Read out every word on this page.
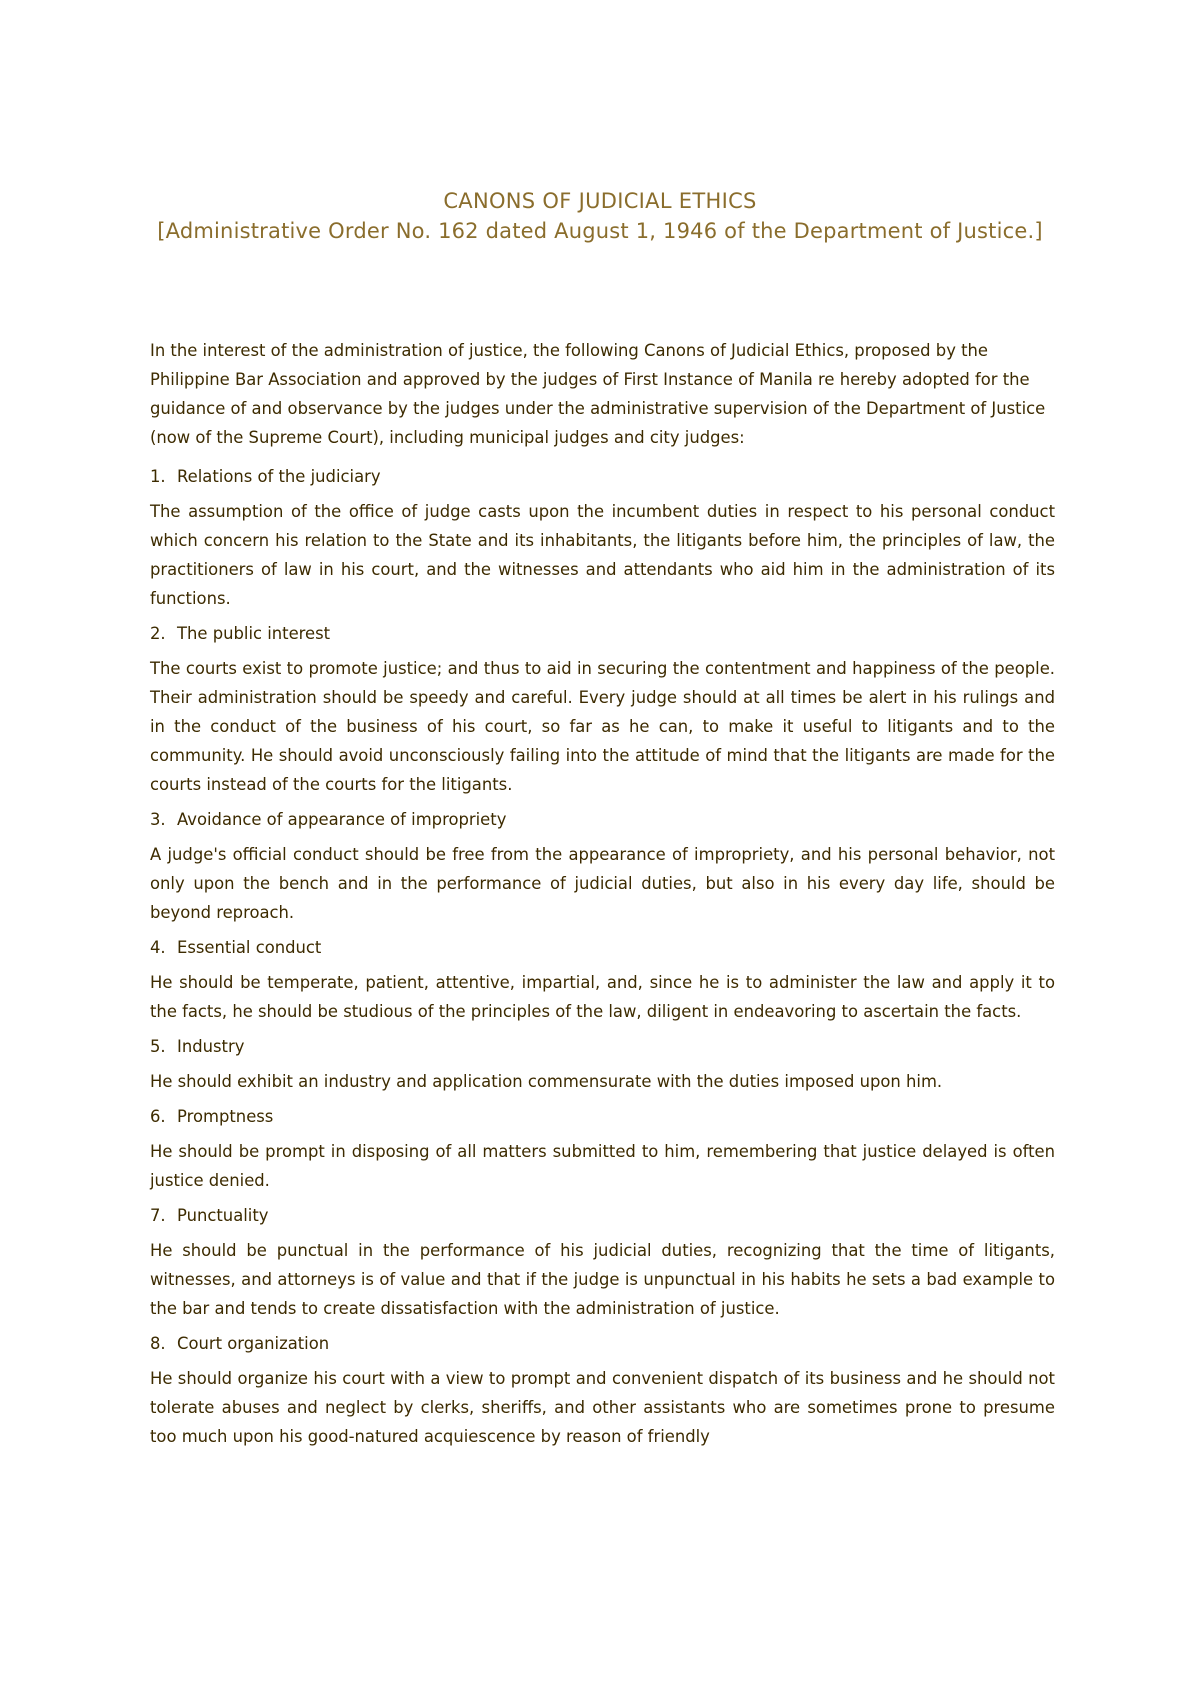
CANONS OF JUDICIAL ETHICS
[Administrative Order No. 162 dated August 1, 1946 of the Department of Justice.]

In the interest of the administration of justice, the following Canons of Judicial Ethics, proposed by the Philippine Bar Association and approved by the judges of First Instance of Manila re hereby adopted for the guidance of and observance by the judges under the administrative supervision of the Department of Justice (now of the Supreme Court), including municipal judges and city judges:

1. Relations of the judiciary

The assumption of the office of judge casts upon the incumbent duties in respect to his personal conduct which concern his relation to the State and its inhabitants, the litigants before him, the principles of law, the practitioners of law in his court, and the witnesses and attendants who aid him in the administration of its functions.

2. The public interest

The courts exist to promote justice; and thus to aid in securing the contentment and happiness of the people. Their administration should be speedy and careful. Every judge should at all times be alert in his rulings and in the conduct of the business of his court, so far as he can, to make it useful to litigants and to the community. He should avoid unconsciously failing into the attitude of mind that the litigants are made for the courts instead of the courts for the litigants.

3. Avoidance of appearance of impropriety

A judge's official conduct should be free from the appearance of impropriety, and his personal behavior, not only upon the bench and in the performance of judicial duties, but also in his every day life, should be beyond reproach.

4. Essential conduct

He should be temperate, patient, attentive, impartial, and, since he is to administer the law and apply it to the facts, he should be studious of the principles of the law, diligent in endeavoring to ascertain the facts.

5. Industry

He should exhibit an industry and application commensurate with the duties imposed upon him.

6. Promptness

He should be prompt in disposing of all matters submitted to him, remembering that justice delayed is often justice denied.

7. Punctuality

He should be punctual in the performance of his judicial duties, recognizing that the time of litigants, witnesses, and attorneys is of value and that if the judge is unpunctual in his habits he sets a bad example to the bar and tends to create dissatisfaction with the administration of justice.

8. Court organization

He should organize his court with a view to prompt and convenient dispatch of its business and he should not tolerate abuses and neglect by clerks, sheriffs, and other assistants who are sometimes prone to presume too much upon his good-natured acquiescence by reason of friendly
